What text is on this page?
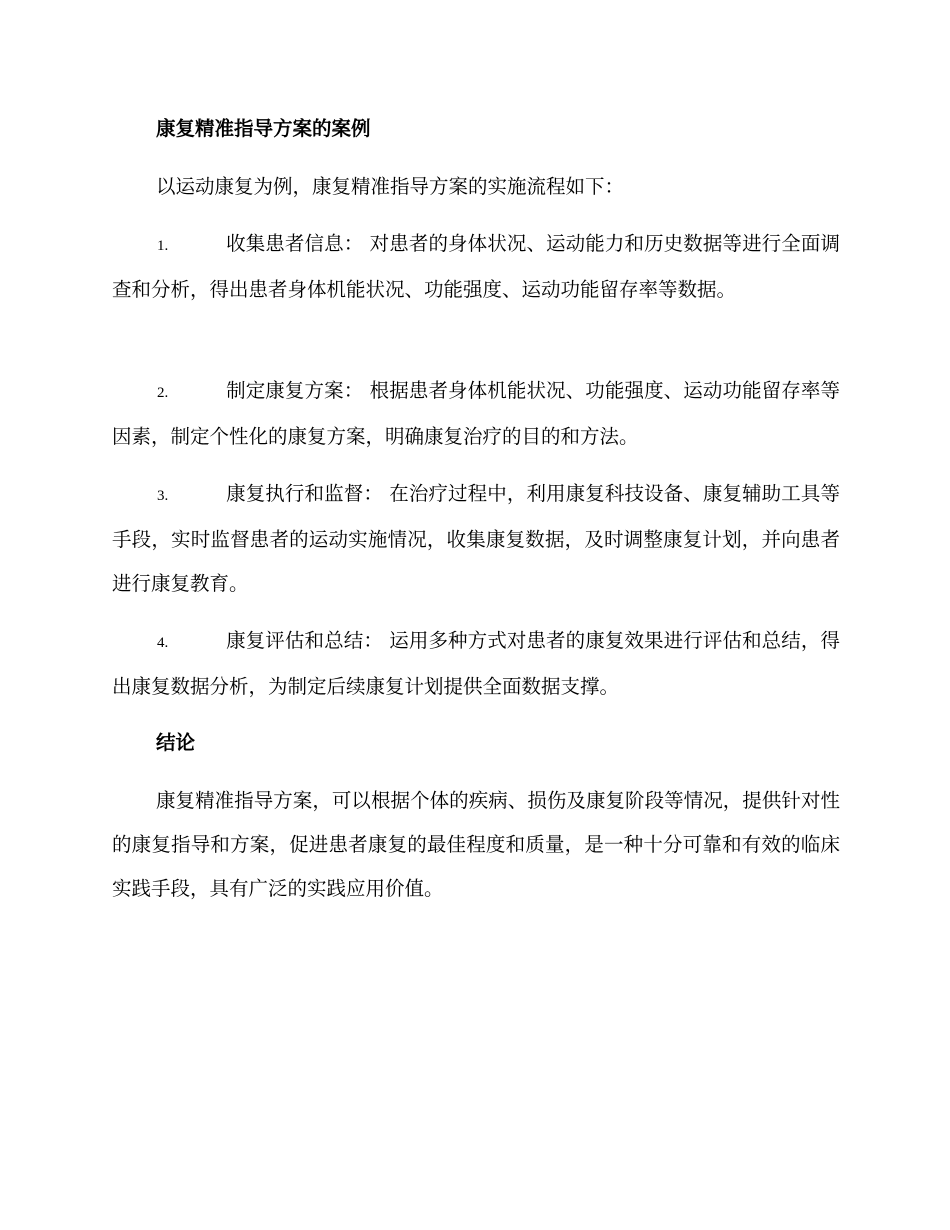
康复精准指导方案的案例
以运动康复为例，康复精准指导方案的实施流程如下：
1.	收集患者信息： 对患者的身体状况、运动能力和历史数据等进行全面调查和分析，得出患者身体机能状况、功能强度、运动功能留存率等数据。
2.	制定康复方案： 根据患者身体机能状况、功能强度、运动功能留存率等因素，制定个性化的康复方案，明确康复治疗的目的和方法。
3.	康复执行和监督： 在治疗过程中，利用康复科技设备、康复辅助工具等手段，实时监督患者的运动实施情况，收集康复数据，及时调整康复计划，并向患者进行康复教育。
4.	康复评估和总结： 运用多种方式对患者的康复效果进行评估和总结，得出康复数据分析，为制定后续康复计划提供全面数据支撑。
结论
康复精准指导方案，可以根据个体的疾病、损伤及康复阶段等情况，提供针对性的康复指导和方案，促进患者康复的最佳程度和质量，是一种十分可靠和有效的临床实践手段，具有广泛的实践应用价值。
